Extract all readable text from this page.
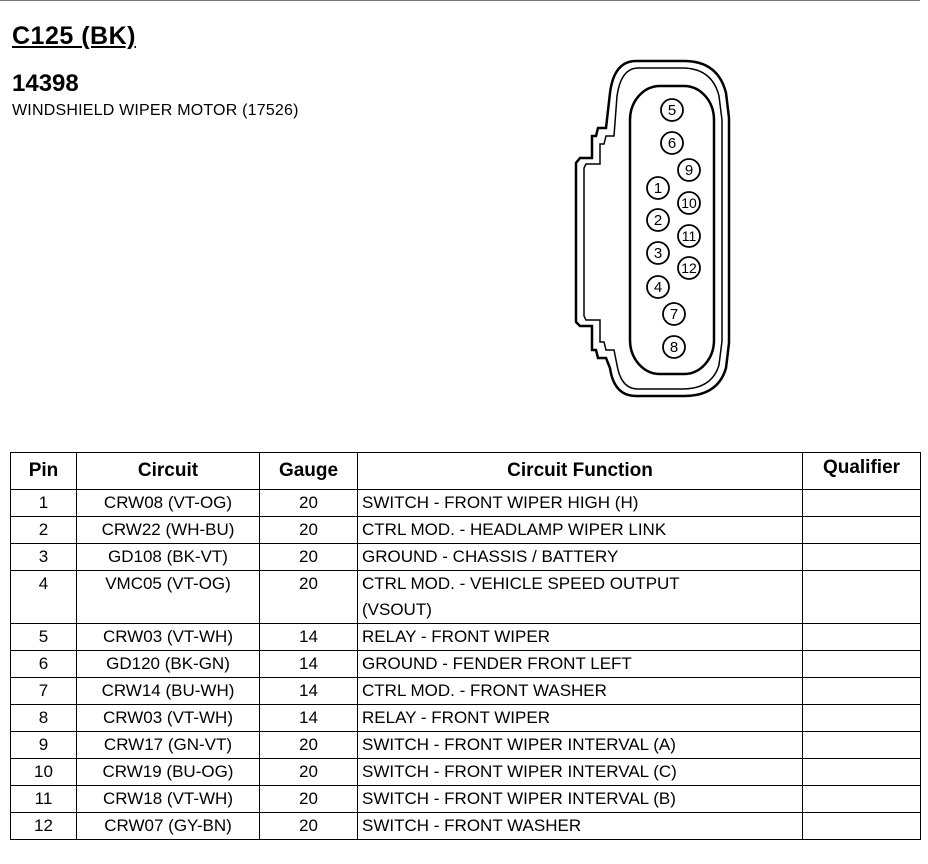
C125 (BK)
14398
WINDSHIELD WIPER MOTOR (17526)	5
6
9
1
10
2
11
3
12
4
7
8
Pin	Circuit	Gauge	Circuit Function	Qualifier
1	CRW08 (VT-OG)	20	SWITCH - FRONT WIPER HIGH (H)	
2	CRW22 (WH-BU)	20	CTRL MOD. - HEADLAMP WIPER LINK	
3	GD108 (BK-VT)	20	GROUND - CHASSIS / BATTERY	
4	VMC05 (VT-OG)	20	CTRL MOD. - VEHICLE SPEED OUTPUT
(VSOUT)	
5	CRW03 (VT-WH)	14	RELAY - FRONT WIPER	
6	GD120 (BK-GN)	14	GROUND - FENDER FRONT LEFT	
7	CRW14 (BU-WH)	14	CTRL MOD. - FRONT WASHER	
8	CRW03 (VT-WH)	14	RELAY - FRONT WIPER	
9	CRW17 (GN-VT)	20	SWITCH - FRONT WIPER INTERVAL (A)	
10	CRW19 (BU-OG)	20	SWITCH - FRONT WIPER INTERVAL (C)	
11	CRW18 (VT-WH)	20	SWITCH - FRONT WIPER INTERVAL (B)	
12	CRW07 (GY-BN)	20	SWITCH - FRONT WASHER	
